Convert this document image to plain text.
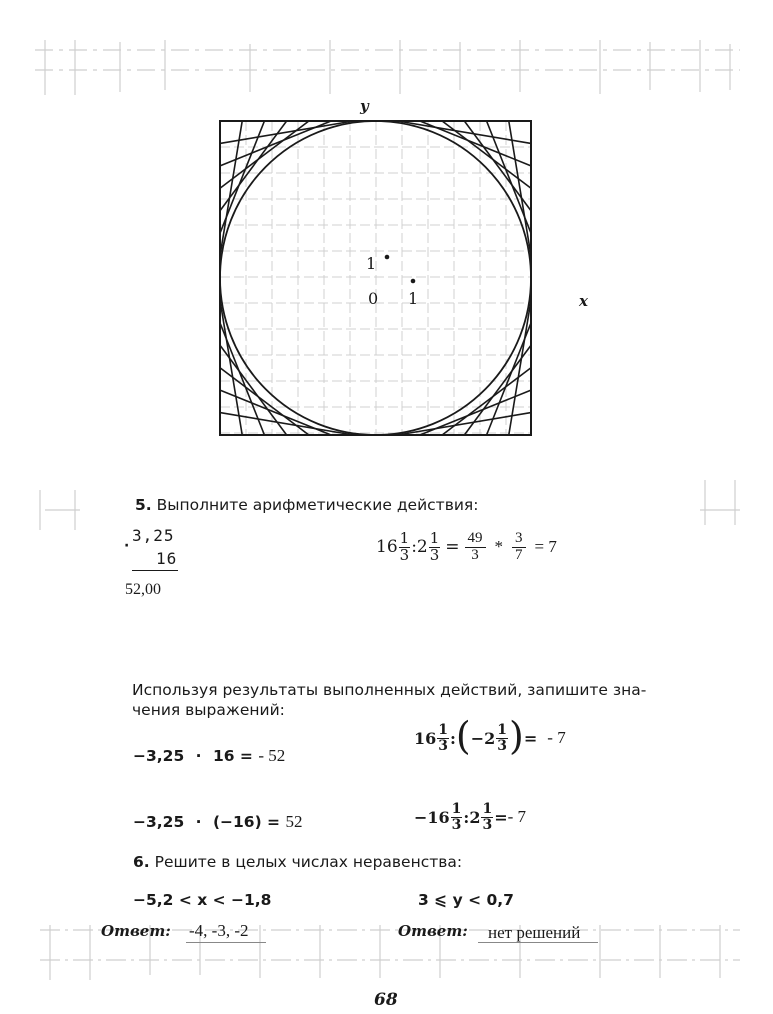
y
x
1
0 1
5. Выполните арифметические действия:
3,25
·
16
52,00
$16 \frac{1}{3}$ : $2 \frac{1}{3} = \frac{49}{3} * \frac{3}{7} = 7$
Используя результаты выполненных действий, запишите зна-
чения выражений:
−3,25 · 16 = - 52
$16 \frac{1}{3}$ : ( $-2 \frac{1}{3}$ ) = - 7
−3,25 · (−16) = 52	$-16 \frac{1}{3}$ : $2 \frac{1}{3}$ = - 7
6. Решите в целых числах неравенства:
−5,2 < x < −1,8	3 ⩽ y < 0,7
Ответ: -4, -3, -2	Ответ: нет решений
68
